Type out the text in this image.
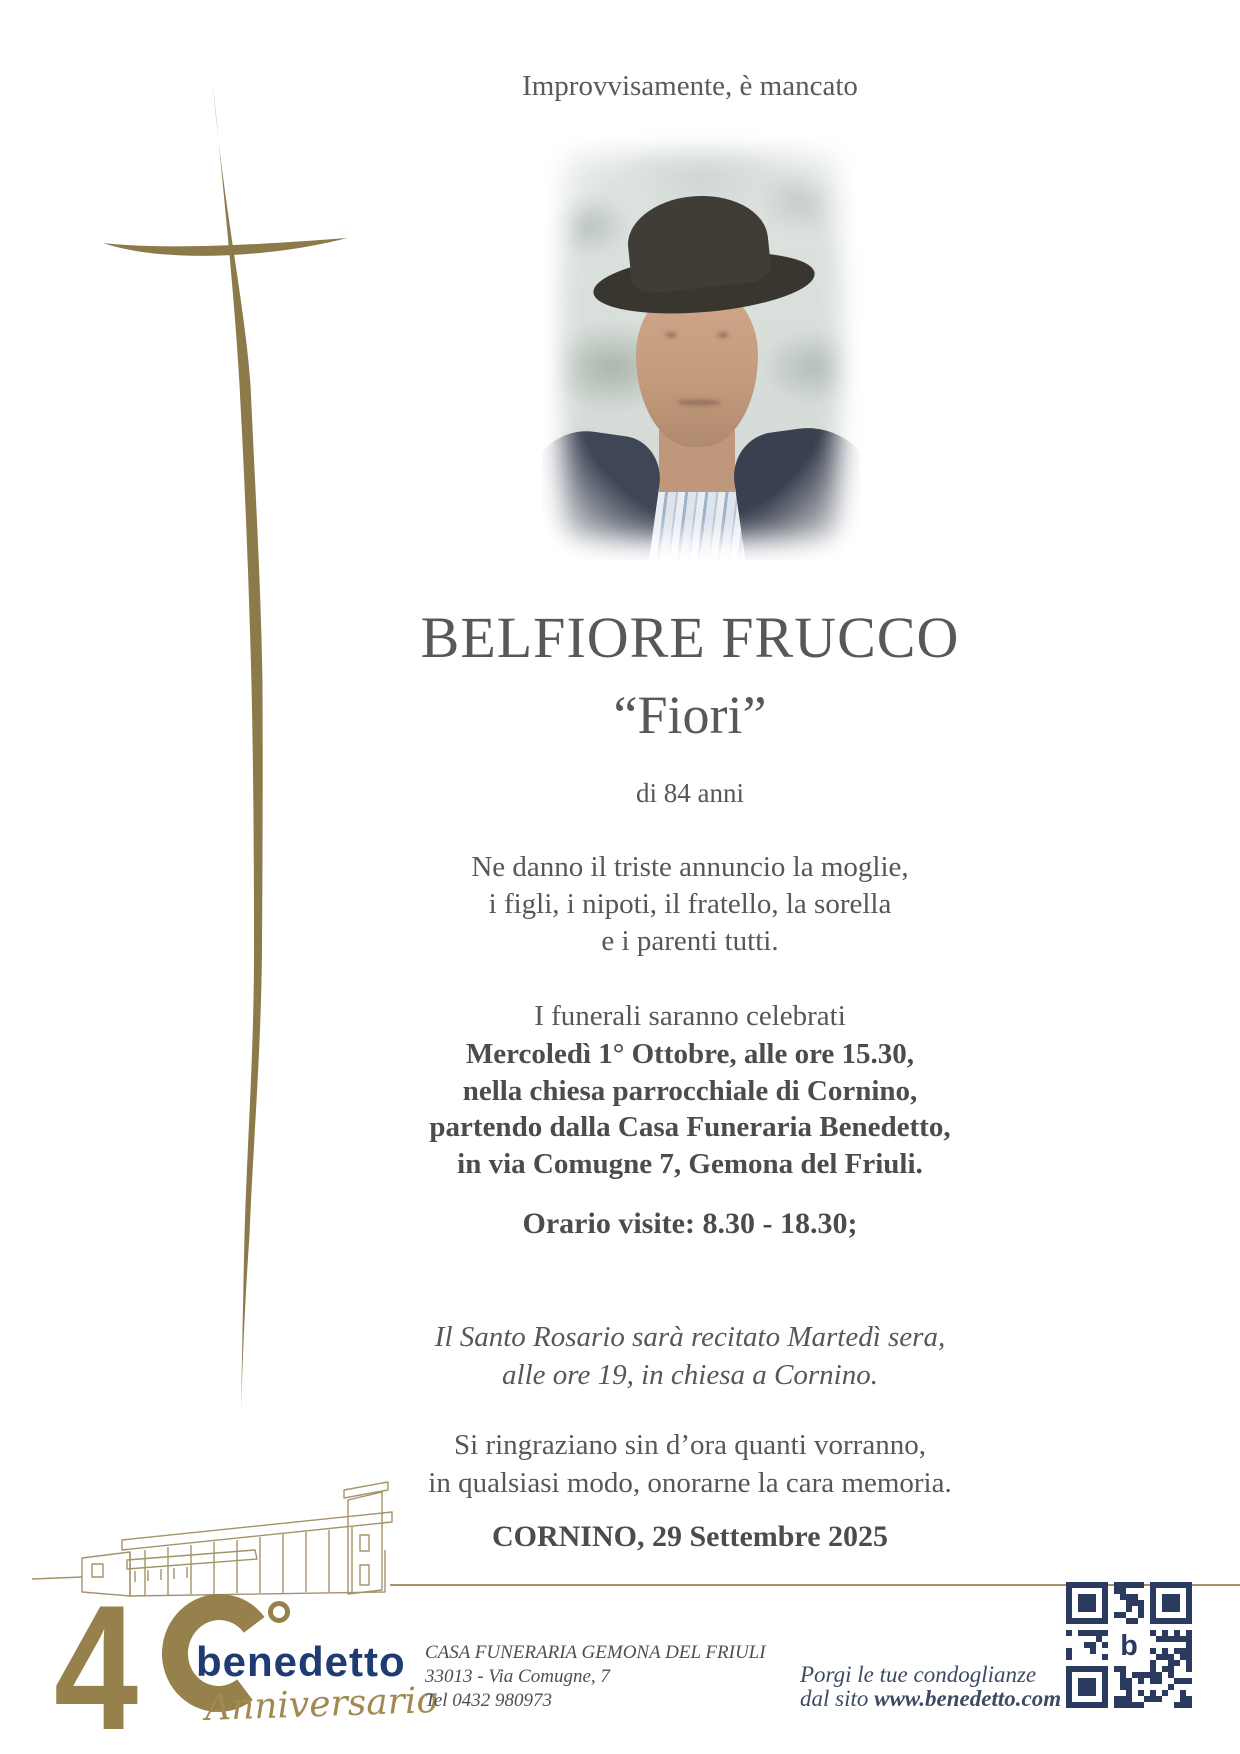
Improvvisamente, è mancato
BELFIORE FRUCCO
“Fiori”
di 84 anni
Ne danno il triste annuncio la moglie,
i figli, i nipoti, il fratello, la sorella
e i parenti tutti.
I funerali saranno celebrati
Mercoledì 1° Ottobre, alle ore 15.30,
nella chiesa parrocchiale di Cornino,
partendo dalla Casa Funeraria Benedetto,
in via Comugne 7, Gemona del Friuli.
Orario visite: 8.30 - 18.30;
Il Santo Rosario sarà recitato Martedì sera,
alle ore 19, in chiesa a Cornino.
Si ringraziano sin d’ora quanti vorranno,
in qualsiasi modo, onorarne la cara memoria.
CORNINO, 29 Settembre 2025
4 benedetto
Anniversario
CASA FUNERARIA GEMONA DEL FRIULI
33013 - Via Comugne, 7
Tel 0432 980973
Porgi le tue condoglianze
dal sito www.benedetto.com
b
